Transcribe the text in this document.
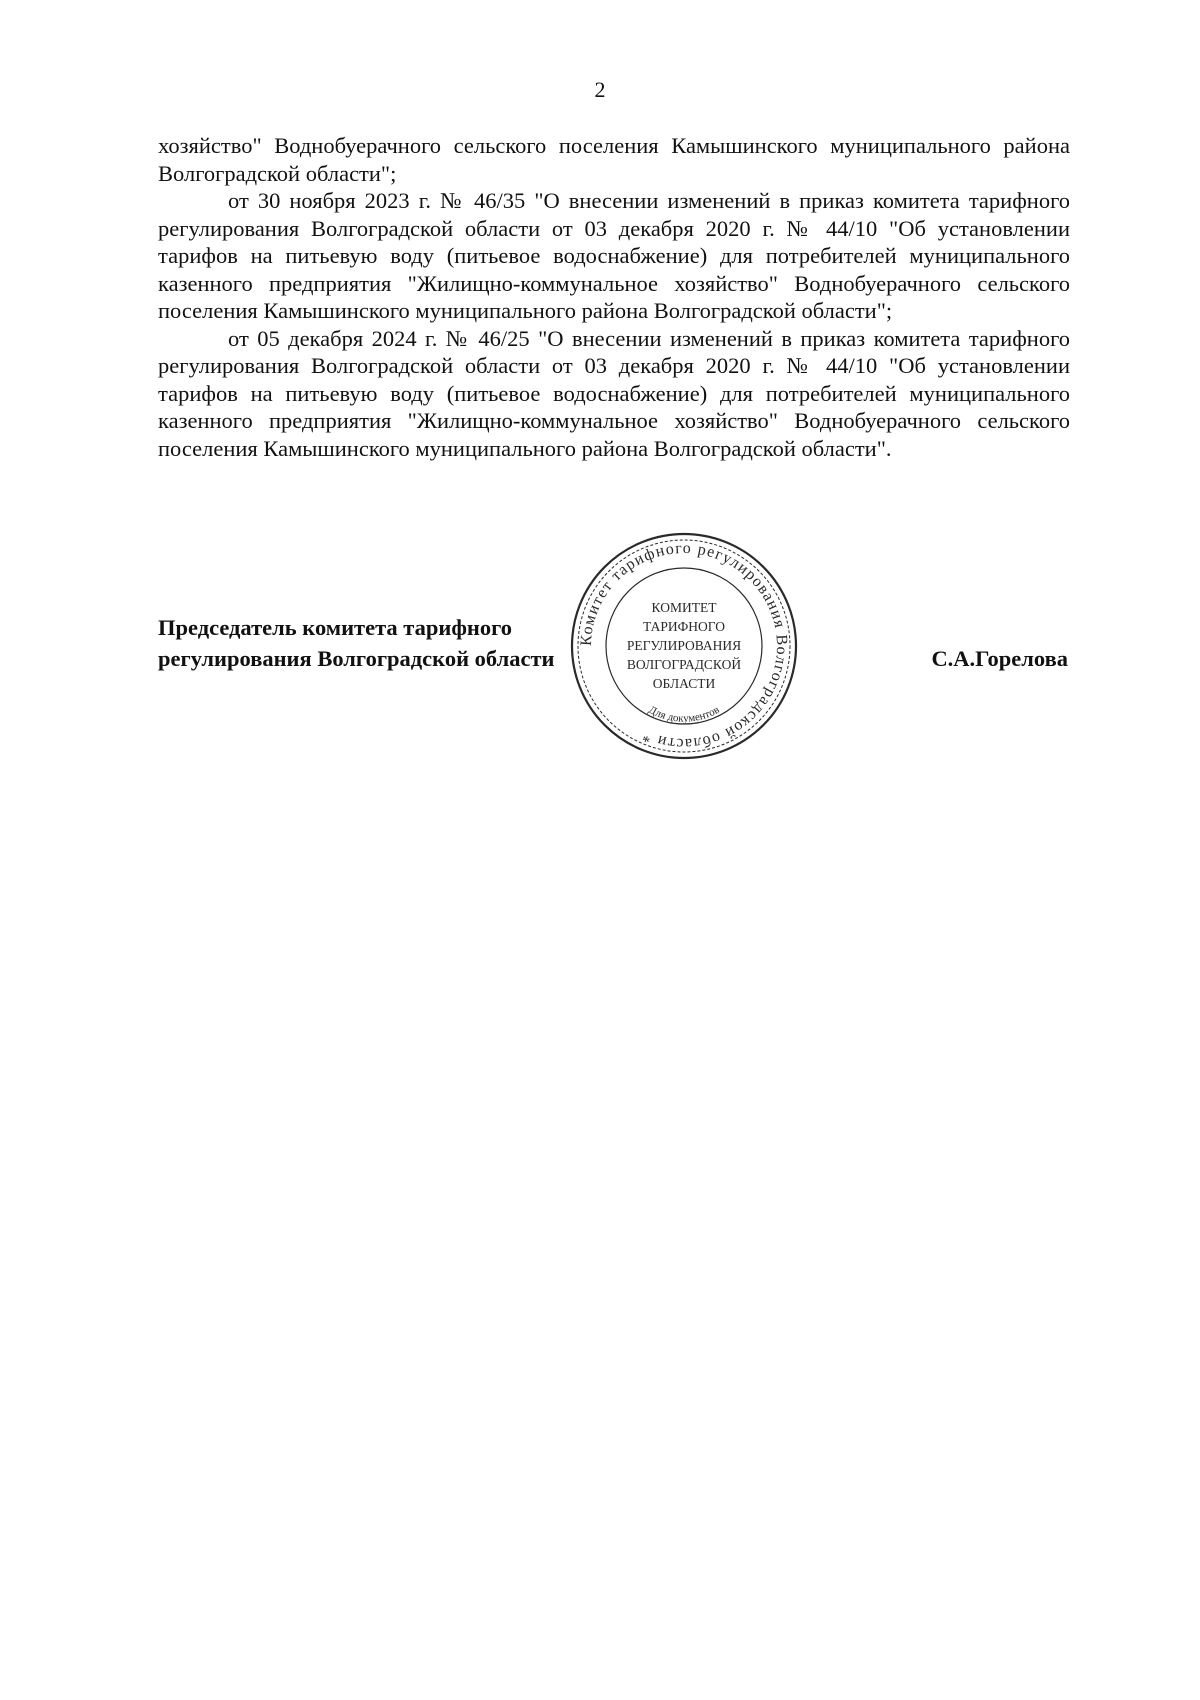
2

хозяйство" Воднобуерачного сельского поселения Камышинского муниципального района Волгоградской области";

от 30 ноября 2023 г. № 46/35 "О внесении изменений в приказ комитета тарифного регулирования Волгоградской области от 03 декабря 2020 г. № 44/10 "Об установлении тарифов на питьевую воду (питьевое водоснабжение) для потребителей муниципального казенного предприятия "Жилищно-коммунальное хозяйство" Воднобуерачного сельского поселения Камышинского муниципального района Волгоградской области";

от 05 декабря 2024 г. № 46/25 "О внесении изменений в приказ комитета тарифного регулирования Волгоградской области от 03 декабря 2020 г. № 44/10 "Об установлении тарифов на питьевую воду (питьевое водоснабжение) для потребителей муниципального казенного предприятия "Жилищно-коммунальное хозяйство" Воднобуерачного сельского поселения Камышинского муниципального района Волгоградской области".

Председатель комитета тарифного
регулирования Волгоградской области
Комитет тарифного регулирования Волгоградской области *
Для документов
КОМИТЕТ
ТАРИФНОГО
РЕГУЛИРОВАНИЯ
ВОЛГОГРАДСКОЙ
ОБЛАСТИ
С.А.Горелова
